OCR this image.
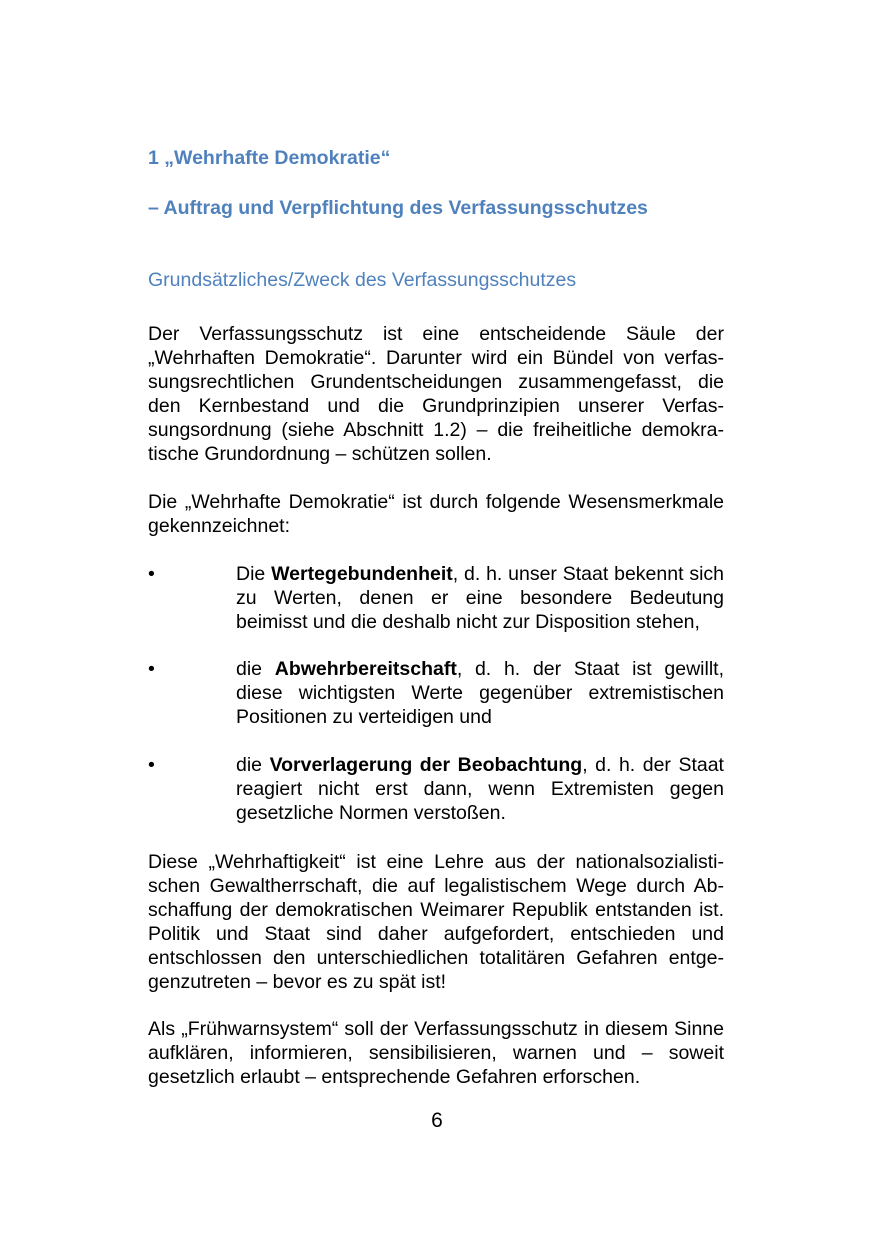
1 „Wehrhafte Demokratie“
– Auftrag und Verpflichtung des Verfassungsschutzes
Grundsätzliches/Zweck des Verfassungsschutzes

Der Verfassungsschutz ist eine entscheidende Säule der „Wehrhaften Demokratie“. Darunter wird ein Bündel von verfassungsrechtlichen Grundentscheidungen zusammengefasst, die den Kernbestand und die Grundprinzipien unserer Verfassungsordnung (siehe Abschnitt 1.2) – die freiheitliche demokratische Grundordnung – schützen sollen.

Die „Wehrhafte Demokratie“ ist durch folgende Wesensmerkmale gekennzeichnet:

•	Die Wertegebundenheit, d. h. unser Staat bekennt sich zu Werten, denen er eine besondere Bedeutung beimisst und die deshalb nicht zur Disposition stehen,
•	die Abwehrbereitschaft, d. h. der Staat ist gewillt, diese wichtigsten Werte gegenüber extremistischen Positionen zu verteidigen und
•	die Vorverlagerung der Beobachtung, d. h. der Staat reagiert nicht erst dann, wenn Extremisten gegen gesetzliche Normen verstoßen.

Diese „Wehrhaftigkeit“ ist eine Lehre aus der nationalsozialistischen Gewaltherrschaft, die auf legalistischem Wege durch Abschaffung der demokratischen Weimarer Republik entstanden ist. Politik und Staat sind daher aufgefordert, entschieden und entschlossen den unterschiedlichen totalitären Gefahren entgegenzutreten – bevor es zu spät ist!

Als „Frühwarnsystem“ soll der Verfassungsschutz in diesem Sinne aufklären, informieren, sensibilisieren, warnen und – soweit gesetzlich erlaubt – entsprechende Gefahren erforschen.

6
